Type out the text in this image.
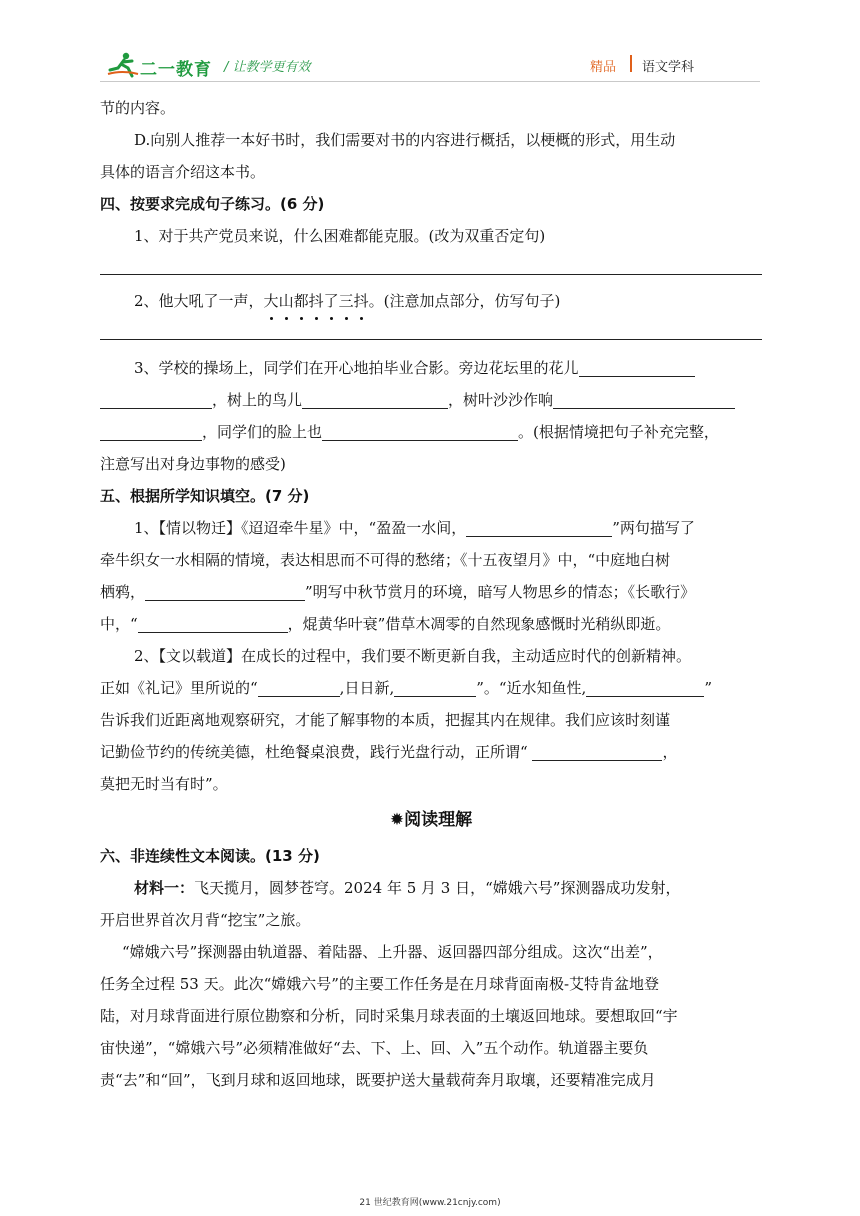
二一教育 / 让教学更有效	精品 语文学科
节的内容。
D.向别人推荐一本好书时，我们需要对书的内容进行概括，以梗概的形式，用生动
具体的语言介绍这本书。
四、按要求完成句子练习。(6 分)
1、对于共产党员来说，什么困难都能克服。(改为双重否定句)
2、他大吼了一声，大山都抖了三抖。(注意加点部分，仿写句子)
3、学校的操场上，同学们在开心地拍毕业合影。旁边花坛里的花儿
，树上的鸟儿	，树叶沙沙作响
，同学们的脸上也	。(根据情境把句子补充完整，
注意写出对身边事物的感受)
五、根据所学知识填空。(7 分)
1、【情以物迁】《迢迢牵牛星》中，“盈盈一水间，	”两句描写了
牵牛织女一水相隔的情境，表达相思而不可得的愁绪；《十五夜望月》中，“中庭地白树
栖鸦，	”明写中秋节赏月的环境，暗写人物思乡的情态；《长歌行》
中，“	，焜黄华叶衰”借草木凋零的自然现象感慨时光稍纵即逝。
2、【文以载道】在成长的过程中，我们要不断更新自我，主动适应时代的创新精神。
正如《礼记》里所说的“	,日日新,	”。“近水知鱼性,	”
告诉我们近距离地观察研究，才能了解事物的本质，把握其内在规律。我们应该时刻谨
记勤俭节约的传统美德，杜绝餐桌浪费，践行光盘行动，正所谓“	，
莫把无时当有时”。
✹阅读理解
六、非连续性文本阅读。(13 分)
材料一：飞天揽月，圆梦苍穹。2024 年 5 月 3 日，“嫦娥六号”探测器成功发射，
开启世界首次月背“挖宝”之旅。
“嫦娥六号”探测器由轨道器、着陆器、上升器、返回器四部分组成。这次“出差”，
任务全过程 53 天。此次“嫦娥六号”的主要工作任务是在月球背面南极-艾特肯盆地登
陆，对月球背面进行原位勘察和分析，同时采集月球表面的土壤返回地球。要想取回“宇
宙快递”，“嫦娥六号”必须精准做好“去、下、上、回、入”五个动作。轨道器主要负
责“去”和“回”，飞到月球和返回地球，既要护送大量载荷奔月取壤，还要精准完成月
21 世纪教育网(www.21cnjy.com)
